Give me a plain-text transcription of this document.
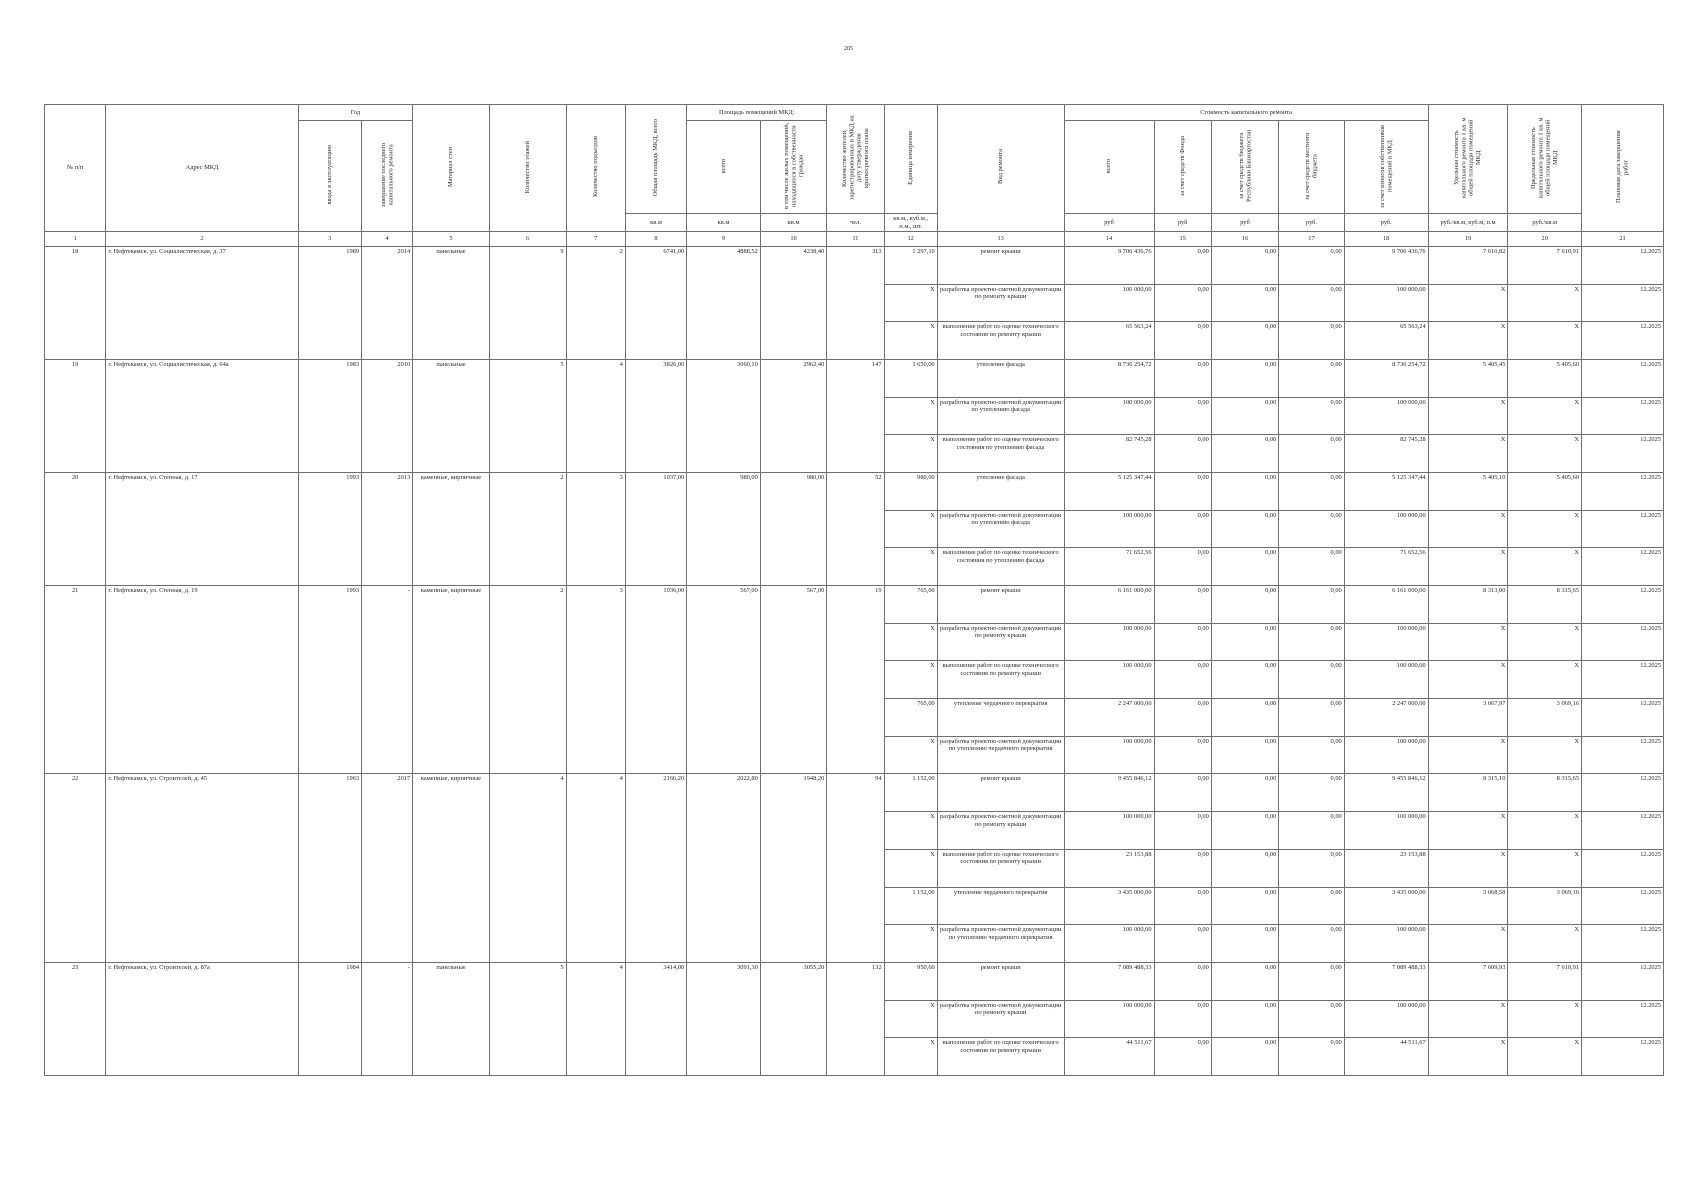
205
№ п/п	Адрес МКД	Год		Материал стен	Количество этажей	Количество подъездов	Общая площадь МКД, всего	Площадь помещений МКД:		Количество жителей, зарегистрированных в МКД на дату утверждения краткосрочного плана	Единица измерения	Вид ремонта	Стоимость капитального ремонта					Удельная стоимость капитального ремонта 1 кв. м общей площади помещений МКД	Предельная стоимость капитального ремонта 1 кв. м общей площади помещений МКД	Плановая дата завершения работ
		ввода в эксплуатацию	завершение последнего капитального ремонта					всего	в том числе жилых помещений, находящихся в собственности граждан				всего	за счет средств Фонда	за счет средств бюджета Республики Башкортостан	за счет средств местного бюджета	за счет взносов собственников помещений в МКД			
							кв.м	кв.м	кв.м	чел.	кв.м., куб.м., п.м., шт.		руб	руб	руб	руб.	руб.	руб./кв.м, куб.м, п.м	руб./кв.м	
1	2	3	4	5	6	7	8	9	10	11	12	13	14	15	16	17	18	19	20	21
18	г. Нефтекамск, ул. Социалистическая, д. 37	1989	2014	панельные	9	2	6741,00	4888,52	4238,40	313	1 297,10	ремонт крыши	9 706 436,76	0,00	0,00	0,00	9 706 436,76	7 610,82	7 610,91	12.2025
											X	разработка проектно-сметной документации по ремонту крыши	100 000,00	0,00	0,00	0,00	100 000,00	X	X	12.2025
											X	выполнение работ по оценке технического состояния по ремонту крыши	65 563,24	0,00	0,00	0,00	65 563,24	X	X	12.2025
19	г. Нефтекамск, ул. Социалистическая, д. 64а	1983	2010	панельные	5	4	3826,00	3060,10	2962,40	147	1 650,00	утепление фасада	8 736 254,72	0,00	0,00	0,00	8 736 254,72	5 405,45	5 405,60	12.2025
											X	разработка проектно-сметной документации по утеплению фасада	100 000,00	0,00	0,00	0,00	100 000,00	X	X	12.2025
											X	выполнение работ по оценке технического состояния по утеплению фасада	82 745,28	0,00	0,00	0,00	82 745,28	X	X	12.2025
20	г. Нефтекамск, ул. Степная, д. 17	1993	2013	каменные, кирпичные	2	3	1037,00	980,00	980,00	52	980,00	утепление фасада	5 125 347,44	0,00	0,00	0,00	5 125 347,44	5 405,10	5 405,60	12.2025
											X	разработка проектно-сметной документации по утеплению фасада	100 000,00	0,00	0,00	0,00	100 000,00	X	X	12.2025
											X	выполнение работ по оценке технического состояния по утеплению фасада	71 652,56	0,00	0,00	0,00	71 652,56	X	X	12.2025
21	г. Нефтекамск, ул. Степная, д. 19	1993	-	каменные, кирпичные	2	3	1036,00	567,00	567,00	19	765,00	ремонт крыши	6 161 000,00	0,00	0,00	0,00	6 161 000,00	8 313,00	8 315,65	12.2025
											X	разработка проектно-сметной документации по ремонту крыши	100 000,00	0,00	0,00	0,00	100 000,00	X	X	12.2025
											X	выполнение работ по оценке технического состояния по ремонту крыши	100 000,00	0,00	0,00	0,00	100 000,00	X	X	12.2025
											765,00	утепление чердачного перекрытия	2 247 000,00	0,00	0,00	0,00	2 247 000,00	3 067,97	3 069,16	12.2025
											X	разработка проектно-сметной документации по утеплению чердачного перекрытия	100 000,00	0,00	0,00	0,00	100 000,00	X	X	12.2025
22	г. Нефтекамск, ул. Строителей, д. 45	1963	2017	каменные, кирпичные	4	4	2166,20	2022,80	1948,20	94	1 152,00	ремонт крыши	9 455 846,12	0,00	0,00	0,00	9 455 846,12	8 315,10	8 315,65	12.2025
											X	разработка проектно-сметной документации по ремонту крыши	100 000,00	0,00	0,00	0,00	100 000,00	X	X	12.2025
											X	выполнение работ по оценке технического состояния по ремонту крыши	23 153,88	0,00	0,00	0,00	23 153,88	X	X	12.2025
											1 152,00	утепление чердачного перекрытия	3 435 000,00	0,00	0,00	0,00	3 435 000,00	3 068,58	3 069,16	12.2025
											X	разработка проектно-сметной документации по утеплению чердачного перекрытия	100 000,00	0,00	0,00	0,00	100 000,00	X	X	12.2025
23	г. Нефтекамск, ул. Строителей, д. 87а	1984	-	панельные	5	4	3414,00	3091,30	3055,20	132	950,60	ремонт крыши	7 089 488,33	0,00	0,00	0,00	7 089 488,33	7 609,93	7 610,91	12.2025
											X	разработка проектно-сметной документации по ремонту крыши	100 000,00	0,00	0,00	0,00	100 000,00	X	X	12.2025
											X	выполнение работ по оценке технического состояния по ремонту крыши	44 511,67	0,00	0,00	0,00	44 511,67	X	X	12.2025
